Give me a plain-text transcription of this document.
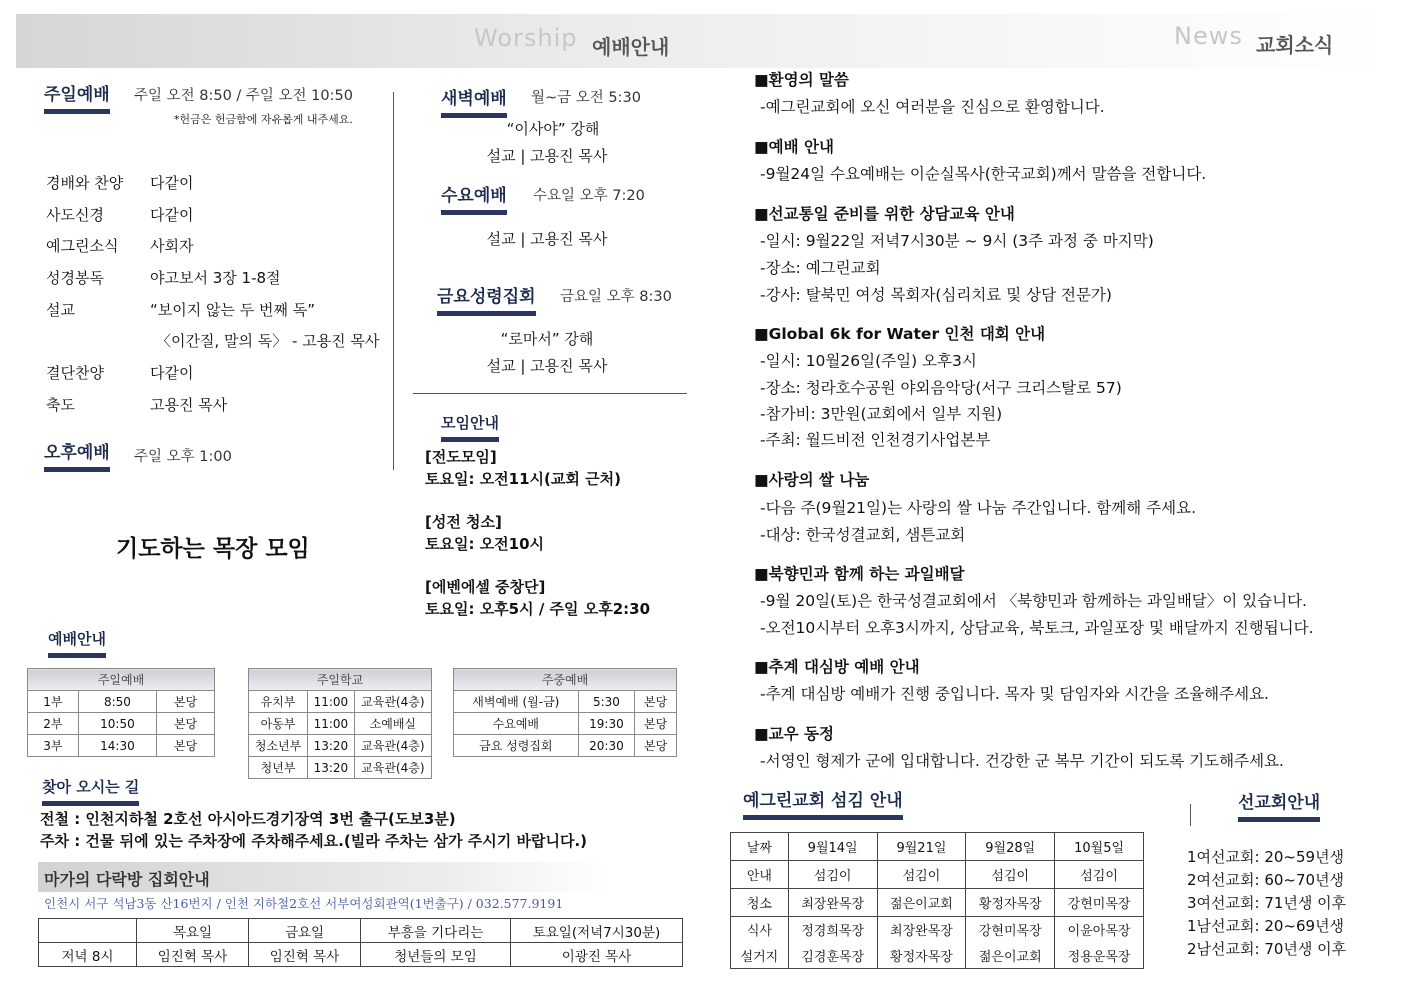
Worship 예배안내	News 교회소식
주일예배 주일 오전 8:50 / 주일 오전 10:50
*헌금은 헌금함에 자유롭게 내주세요.
경배와 찬양 다같이
사도신경	다같이
예그린소식 사회자
성경봉독	야고보서 3장 1-8절
설교	“보이지 않는 두 번째 독”
〈이간질, 말의 독〉 - 고용진 목사
결단찬양	다같이
축도	고용진 목사
오후예배 주일 오후 1:00
기도하는 목장 모임
새벽예배 월~금 오전 5:30
“이사야” 강해
설교 | 고용진 목사
수요예배 수요일 오후 7:20
설교 | 고용진 목사
금요성령집회 금요일 오후 8:30
“로마서” 강해
설교 | 고용진 목사
모임안내
[전도모임]
토요일: 오전11시(교회 근처)
[성전 청소]
토요일: 오전10시
[에벤에셀 중창단]
토요일: 오후5시 / 주일 오후2:30
예배안내
주일예배		
1부	8:50	본당
2부	10:50	본당
3부	14:30	본당
주일학교		
유치부	11:00	교육관(4층)
아동부	11:00	소예배실
청소년부	13:20	교육관(4층)
청년부	13:20	교육관(4층)
주중예배		
새벽예배 (월-금)	5:30	본당
수요예배	19:30	본당
금요 성령집회	20:30	본당
찾아 오시는 길
전철 : 인천지하철 2호선 아시아드경기장역 3번 출구(도보3분)
주차 : 건물 뒤에 있는 주차장에 주차해주세요.(빌라 주차는 삼가 주시기 바랍니다.)
마가의 다락방 집회안내
인천시 서구 석남3동 산16번지 / 인천 지하철2호선 서부여성회관역(1번출구) / 032.577.9191
	목요일	금요일	부흥을 기다리는	토요일(저녁7시30분)
저녁 8시	임진혁 목사	임진혁 목사	청년들의 모임	이광진 목사
■환영의 말씀
-예그린교회에 오신 여러분을 진심으로 환영합니다.
■예배 안내
-9월24일 수요예배는 이순실목사(한국교회)께서 말씀을 전합니다.
■선교통일 준비를 위한 상담교육 안내
-일시: 9월22일 저녁7시30분 ~ 9시 (3주 과정 중 마지막)
-장소: 예그린교회
-강사: 탈북민 여성 목회자(심리치료 및 상담 전문가)
■Global 6k for Water 인천 대회 안내
-일시: 10월26일(주일) 오후3시
-장소: 청라호수공원 야외음악당(서구 크리스탈로 57)
-참가비: 3만원(교회에서 일부 지원)
-주최: 월드비전 인천경기사업본부
■사랑의 쌀 나눔
-다음 주(9월21일)는 사랑의 쌀 나눔 주간입니다. 함께해 주세요.
-대상: 한국성결교회, 샘튼교회
■북향민과 함께 하는 과일배달
-9월 20일(토)은 한국성결교회에서 〈북향민과 함께하는 과일배달〉이 있습니다.
-오전10시부터 오후3시까지, 상담교육, 북토크, 과일포장 및 배달까지 진행됩니다.
■추계 대심방 예배 안내
-추계 대심방 예배가 진행 중입니다. 목자 및 담임자와 시간을 조율해주세요.
■교우 동정
-서영인 형제가 군에 입대합니다. 건강한 군 복무 기간이 되도록 기도해주세요.
예그린교회 섬김 안내
날짜	9월14일	9월21일	9월28일	10월5일
안내	섬김이	섬김이	섬김이	섬김이
청소	최장완목장	젊은이교회	황정자목장	강현미목장
식사	정경희목장	최장완목장	강현미목장	이윤아목장
설거지	김경훈목장	황정자목장	젊은이교회	정용운목장
선교회안내
1여선교회: 20~59년생
2여선교회: 60~70년생
3여선교회: 71년생 이후
1남선교회: 20~69년생
2남선교회: 70년생 이후
